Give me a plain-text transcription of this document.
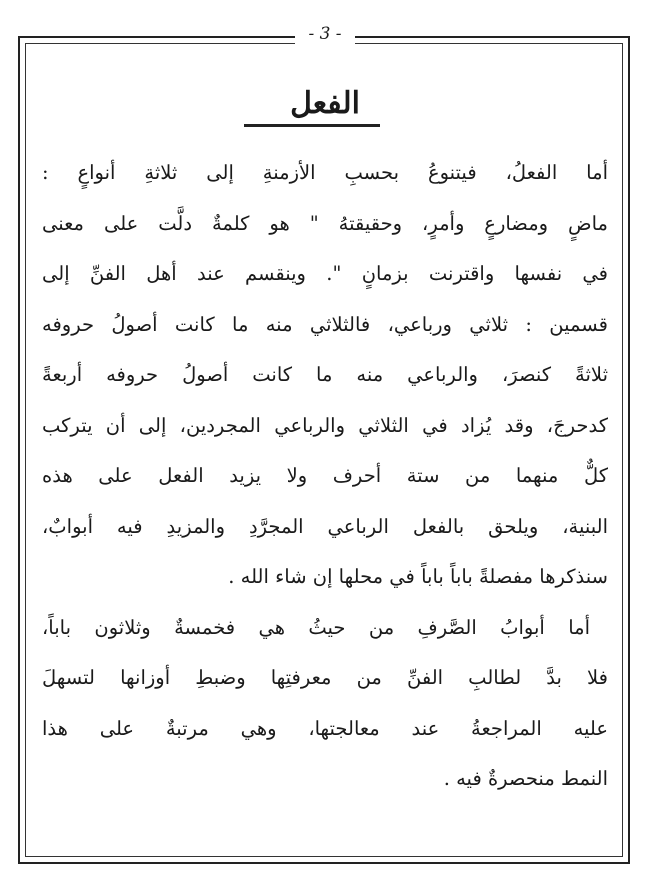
- 3 -
الفعل
أما الفعلُ، فيتنوعُ بحسبِ الأزمنةِ إلى ثلاثةِ أنواعٍ :
ماضٍ ومضارعٍ وأمرٍ، وحقيقتهُ " هو كلمةٌ دلَّت على معنى
في نفسها واقترنت بزمانٍ ". وينقسم عند أهل الفنِّ إلى
قسمين : ثلاثي ورباعي، فالثلاثي منه ما كانت أصولُ حروفه
ثلاثةً كنصرَ، والرباعي منه ما كانت أصولُ حروفه أربعةً
كدحرجَ، وقد يُزاد في الثلاثي والرباعي المجردين، إلى أن يتركب
كلٌّ منهما من ستة أحرف ولا يزيد الفعل على هذه
البنية، ويلحق بالفعل الرباعي المجرَّدِ والمزيدِ فيه أبوابٌ،
سنذكرها مفصلةً باباً باباً في محلها إن شاء الله .
أما أبوابُ الصَّرفِ من حيثُ هي فخمسةٌ وثلاثون باباً،
فلا بدَّ لطالبِ الفنِّ من معرفتِها وضبطِ أوزانها لتسهلَ
عليه المراجعةُ عند معالجتها، وهي مرتبةٌ على هذا
النمط منحصرةٌ فيه .
